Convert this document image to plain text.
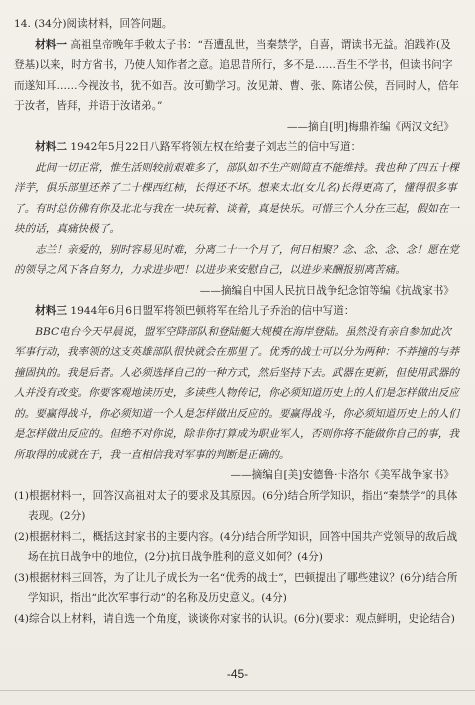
14. (34分)阅读材料，回答问题。

材料一 高祖皇帝晚年手敕太子书：“吾遭乱世，当秦禁学，自喜，谓读书无益。洎践祚(及登基)以来，时方省书，乃使人知作者之意。追思昔所行，多不是……吾生不学书，但读书问字而遂知耳……今视汝书，犹不如吾。汝可勤学习。汝见萧、曹、张、陈诸公侯，吾同时人，倍年于汝者，皆拜，并语于汝诸弟。”

——摘自[明]梅鼎祚编《两汉文纪》

材料二 1942年5月22日八路军将领左权在给妻子刘志兰的信中写道：

此间一切正常，惟生活则较前艰难多了，部队如不生产则简直不能维持。我也种了四五十棵洋芋，俱乐部里还养了二十棵西红柿，长得还不坏。想来太北(女儿名)长得更高了，懂得很多事了。有时总仿佛有你及北北与我在一块玩着、谈着，真是快乐。可惜三个人分在三起，假如在一块的话，真痛快极了。

志兰！亲爱的，别时容易见时难，分离二十一个月了，何日相聚？念、念、念、念！愿在党的领导之风下各自努力，力求进步吧！以进步来安慰自己，以进步来酬报别离苦痛。

——摘编自中国人民抗日战争纪念馆等编《抗战家书》

材料三 1944年6月6日盟军将领巴顿将军在给儿子乔治的信中写道：

BBC电台今天早晨说，盟军空降部队和登陆艇大规模在海岸登陆。虽然没有亲自参加此次军事行动，我率领的这支英雄部队很快就会在那里了。优秀的战士可以分为两种：不莽撞的与莽撞固执的。我是后者。人必须选择自己的一种方式，然后坚持下去。武器在更新，但使用武器的人并没有改变。你要客观地读历史，多读些人物传记，你必须知道历史上的人们是怎样做出反应的。要赢得战斗，你必须知道一个人是怎样做出反应的。要赢得战斗，你必须知道历史上的人们是怎样做出反应的。但绝不对你说，除非你打算成为职业军人，否则你将不能做你自己的事，我所取得的成就在于，我一直相信我对军事的判断是正确的。

——摘编自[美]安德鲁·卡洛尔《美军战争家书》

(1)根据材料一，回答汉高祖对太子的要求及其原因。(6分)结合所学知识，指出“秦禁学”的具体表现。(2分)

(2)根据材料二，概括这封家书的主要内容。(4分)结合所学知识，回答中国共产党领导的敌后战场在抗日战争中的地位，(2分)抗日战争胜利的意义如何？(4分)

(3)根据材料三回答，为了让儿子成长为一名“优秀的战士”，巴顿提出了哪些建议？(6分)结合所学知识，指出“此次军事行动”的名称及历史意义。(4分)

(4)综合以上材料，请自选一个角度，谈谈你对家书的认识。(6分)(要求：观点鲜明，史论结合)

-45-
